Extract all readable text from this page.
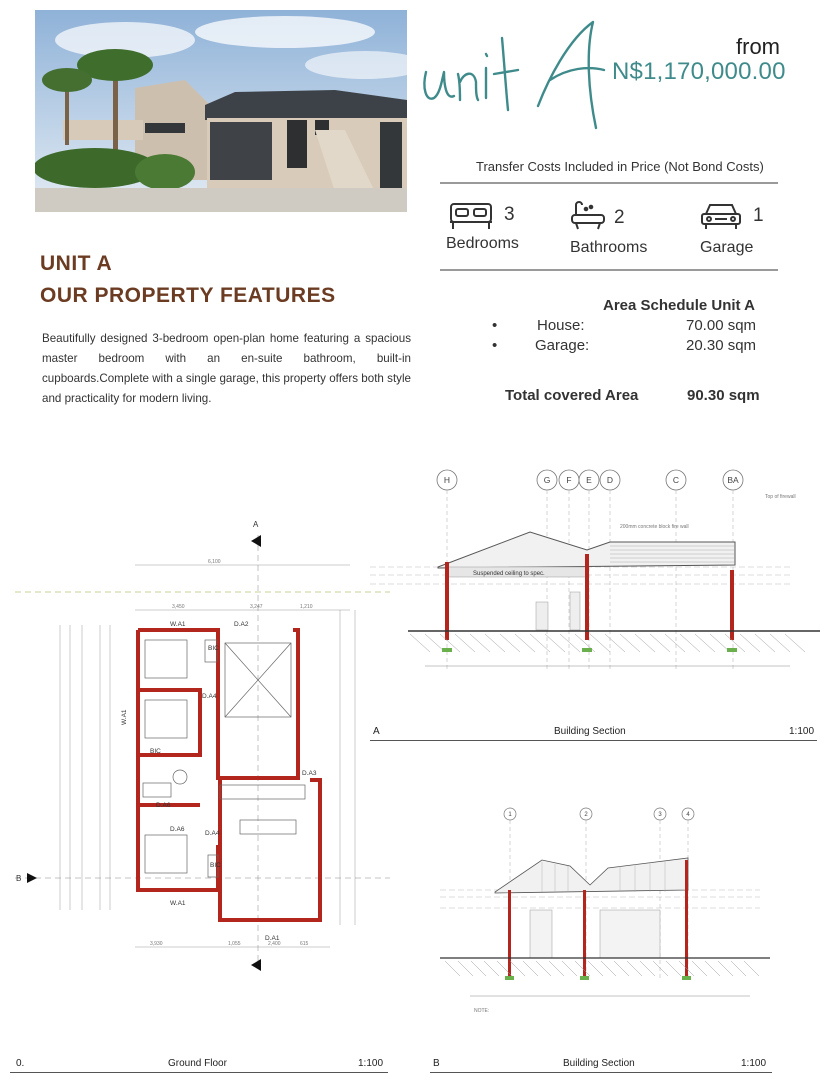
from
N$1,170,000.00
Transfer Costs Included in Price (Not Bond Costs)
3
Bedrooms
2
Bathrooms
1
Garage
UNIT A
OUR PROPERTY FEATURES
Beautifully designed 3-bedroom open-plan home featuring a spacious master bedroom with an en-suite bathroom, built-in cupboards.Complete with a single garage, this property offers both style and practicality for modern living.
Area Schedule Unit A
•	House:	70.00 sqm
•	Garage:	20.30 sqm
Total covered Area	90.30 sqm
H	G F E D	C	BA
Suspended ceiling to spec.
Top of firewall
200mm concrete block fire wall
A	Building Section	1:100
A
B
W.A1	D.A2
D.A4
W.A1
BIC
D.A6
D.A6
D.A4
W.A1
D.A3
D.A1
BIC
BIC
6,100
3,450	3,247	1,210
3,930	1,055	2,400	615
0.	Ground Floor	1:100
1	2	3	4
NOTE:
B	Building Section	1:100
